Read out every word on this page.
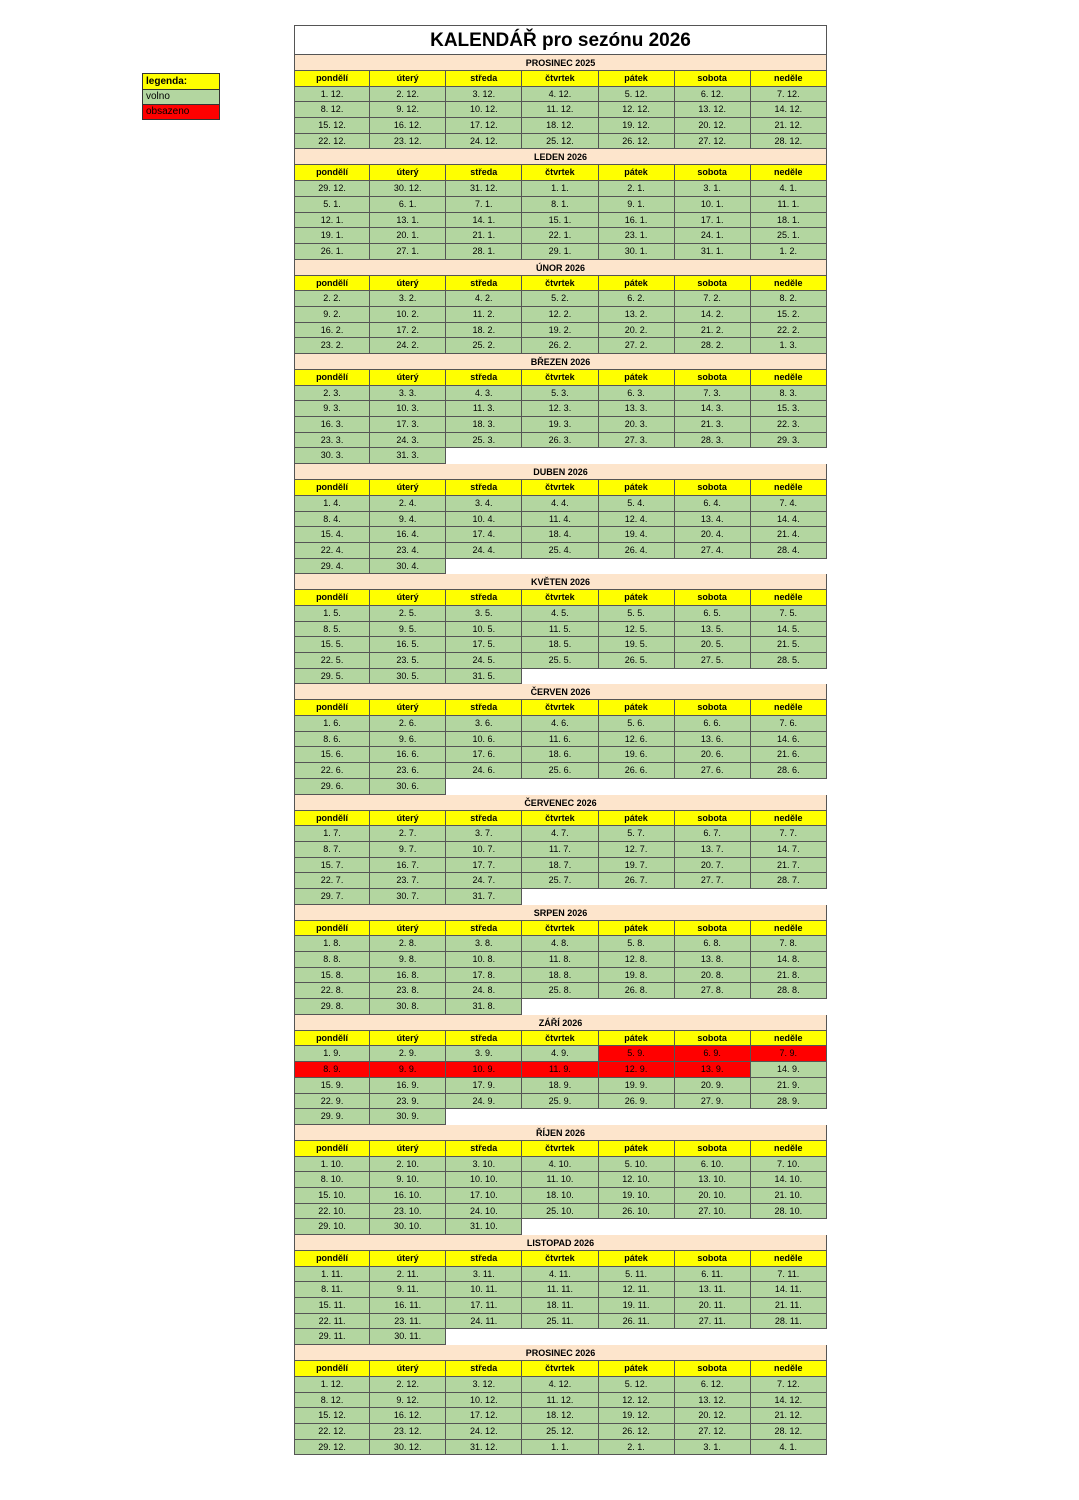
legenda:
volno
obsazeno
KALENDÁŘ pro sezónu 2026
PROSINEC 2025
pondělí	úterý	středa	čtvrtek	pátek	sobota	neděle
1. 12.	2. 12.	3. 12.	4. 12.	5. 12.	6. 12.	7. 12.
8. 12.	9. 12.	10. 12.	11. 12.	12. 12.	13. 12.	14. 12.
15. 12.	16. 12.	17. 12.	18. 12.	19. 12.	20. 12.	21. 12.
22. 12.	23. 12.	24. 12.	25. 12.	26. 12.	27. 12.	28. 12.
LEDEN 2026
pondělí	úterý	středa	čtvrtek	pátek	sobota	neděle
29. 12.	30. 12.	31. 12.	1. 1.	2. 1.	3. 1.	4. 1.
5. 1.	6. 1.	7. 1.	8. 1.	9. 1.	10. 1.	11. 1.
12. 1.	13. 1.	14. 1.	15. 1.	16. 1.	17. 1.	18. 1.
19. 1.	20. 1.	21. 1.	22. 1.	23. 1.	24. 1.	25. 1.
26. 1.	27. 1.	28. 1.	29. 1.	30. 1.	31. 1.	1. 2.
ÚNOR 2026
pondělí	úterý	středa	čtvrtek	pátek	sobota	neděle
2. 2.	3. 2.	4. 2.	5. 2.	6. 2.	7. 2.	8. 2.
9. 2.	10. 2.	11. 2.	12. 2.	13. 2.	14. 2.	15. 2.
16. 2.	17. 2.	18. 2.	19. 2.	20. 2.	21. 2.	22. 2.
23. 2.	24. 2.	25. 2.	26. 2.	27. 2.	28. 2.	1. 3.
BŘEZEN 2026
pondělí	úterý	středa	čtvrtek	pátek	sobota	neděle
2. 3.	3. 3.	4. 3.	5. 3.	6. 3.	7. 3.	8. 3.
9. 3.	10. 3.	11. 3.	12. 3.	13. 3.	14. 3.	15. 3.
16. 3.	17. 3.	18. 3.	19. 3.	20. 3.	21. 3.	22. 3.
23. 3.	24. 3.	25. 3.	26. 3.	27. 3.	28. 3.	29. 3.
30. 3.	31. 3.
DUBEN 2026
pondělí	úterý	středa	čtvrtek	pátek	sobota	neděle
1. 4.	2. 4.	3. 4.	4. 4.	5. 4.	6. 4.	7. 4.
8. 4.	9. 4.	10. 4.	11. 4.	12. 4.	13. 4.	14. 4.
15. 4.	16. 4.	17. 4.	18. 4.	19. 4.	20. 4.	21. 4.
22. 4.	23. 4.	24. 4.	25. 4.	26. 4.	27. 4.	28. 4.
29. 4.	30. 4.
KVĚTEN 2026
pondělí	úterý	středa	čtvrtek	pátek	sobota	neděle
1. 5.	2. 5.	3. 5.	4. 5.	5. 5.	6. 5.	7. 5.
8. 5.	9. 5.	10. 5.	11. 5.	12. 5.	13. 5.	14. 5.
15. 5.	16. 5.	17. 5.	18. 5.	19. 5.	20. 5.	21. 5.
22. 5.	23. 5.	24. 5.	25. 5.	26. 5.	27. 5.	28. 5.
29. 5.	30. 5.	31. 5.
ČERVEN 2026
pondělí	úterý	středa	čtvrtek	pátek	sobota	neděle
1. 6.	2. 6.	3. 6.	4. 6.	5. 6.	6. 6.	7. 6.
8. 6.	9. 6.	10. 6.	11. 6.	12. 6.	13. 6.	14. 6.
15. 6.	16. 6.	17. 6.	18. 6.	19. 6.	20. 6.	21. 6.
22. 6.	23. 6.	24. 6.	25. 6.	26. 6.	27. 6.	28. 6.
29. 6.	30. 6.
ČERVENEC 2026
pondělí	úterý	středa	čtvrtek	pátek	sobota	neděle
1. 7.	2. 7.	3. 7.	4. 7.	5. 7.	6. 7.	7. 7.
8. 7.	9. 7.	10. 7.	11. 7.	12. 7.	13. 7.	14. 7.
15. 7.	16. 7.	17. 7.	18. 7.	19. 7.	20. 7.	21. 7.
22. 7.	23. 7.	24. 7.	25. 7.	26. 7.	27. 7.	28. 7.
29. 7.	30. 7.	31. 7.
SRPEN 2026
pondělí	úterý	středa	čtvrtek	pátek	sobota	neděle
1. 8.	2. 8.	3. 8.	4. 8.	5. 8.	6. 8.	7. 8.
8. 8.	9. 8.	10. 8.	11. 8.	12. 8.	13. 8.	14. 8.
15. 8.	16. 8.	17. 8.	18. 8.	19. 8.	20. 8.	21. 8.
22. 8.	23. 8.	24. 8.	25. 8.	26. 8.	27. 8.	28. 8.
29. 8.	30. 8.	31. 8.
ZÁŘÍ 2026
pondělí	úterý	středa	čtvrtek	pátek	sobota	neděle
1. 9.	2. 9.	3. 9.	4. 9.	5. 9.	6. 9.	7. 9.
8. 9.	9. 9.	10. 9.	11. 9.	12. 9.	13. 9.	14. 9.
15. 9.	16. 9.	17. 9.	18. 9.	19. 9.	20. 9.	21. 9.
22. 9.	23. 9.	24. 9.	25. 9.	26. 9.	27. 9.	28. 9.
29. 9.	30. 9.
ŘÍJEN 2026
pondělí	úterý	středa	čtvrtek	pátek	sobota	neděle
1. 10.	2. 10.	3. 10.	4. 10.	5. 10.	6. 10.	7. 10.
8. 10.	9. 10.	10. 10.	11. 10.	12. 10.	13. 10.	14. 10.
15. 10.	16. 10.	17. 10.	18. 10.	19. 10.	20. 10.	21. 10.
22. 10.	23. 10.	24. 10.	25. 10.	26. 10.	27. 10.	28. 10.
29. 10.	30. 10.	31. 10.
LISTOPAD 2026
pondělí	úterý	středa	čtvrtek	pátek	sobota	neděle
1. 11.	2. 11.	3. 11.	4. 11.	5. 11.	6. 11.	7. 11.
8. 11.	9. 11.	10. 11.	11. 11.	12. 11.	13. 11.	14. 11.
15. 11.	16. 11.	17. 11.	18. 11.	19. 11.	20. 11.	21. 11.
22. 11.	23. 11.	24. 11.	25. 11.	26. 11.	27. 11.	28. 11.
29. 11.	30. 11.
PROSINEC 2026
pondělí	úterý	středa	čtvrtek	pátek	sobota	neděle
1. 12.	2. 12.	3. 12.	4. 12.	5. 12.	6. 12.	7. 12.
8. 12.	9. 12.	10. 12.	11. 12.	12. 12.	13. 12.	14. 12.
15. 12.	16. 12.	17. 12.	18. 12.	19. 12.	20. 12.	21. 12.
22. 12.	23. 12.	24. 12.	25. 12.	26. 12.	27. 12.	28. 12.
29. 12.	30. 12.	31. 12.	1. 1.	2. 1.	3. 1.	4. 1.
